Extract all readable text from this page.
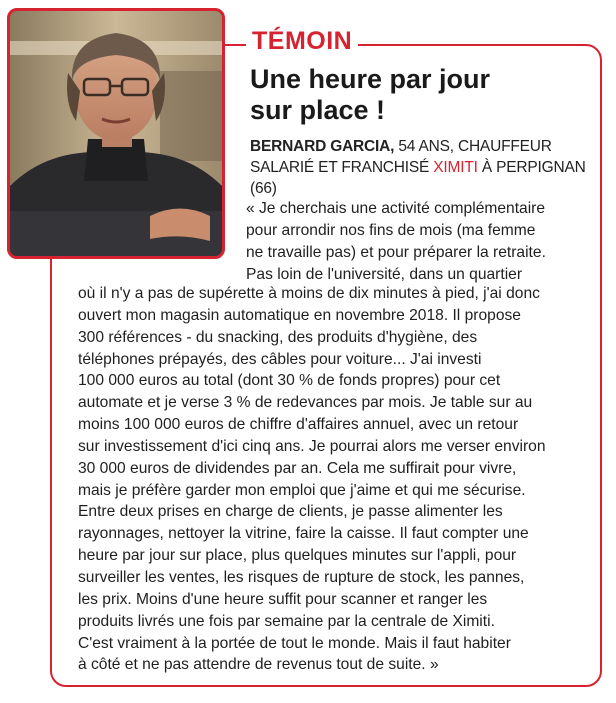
TÉMOIN
Une heure par jour
sur place !

BERNARD GARCIA, 54 ANS, CHAUFFEUR
SALARIÉ ET FRANCHISÉ XIMITI À PERPIGNAN (66)

« Je cherchais une activité complémentaire
pour arrondir nos fins de mois (ma femme
ne travaille pas) et pour préparer la retraite.
Pas loin de l'université, dans un quartier

où il n'y a pas de supérette à moins de dix minutes à pied, j'ai donc
ouvert mon magasin automatique en novembre 2018. Il propose
300 références - du snacking, des produits d'hygiène, des
téléphones prépayés, des câbles pour voiture... J'ai investi
100 000 euros au total (dont 30 % de fonds propres) pour cet
automate et je verse 3 % de redevances par mois. Je table sur au
moins 100 000 euros de chiffre d'affaires annuel, avec un retour
sur investissement d'ici cinq ans. Je pourrai alors me verser environ
30 000 euros de dividendes par an. Cela me suffirait pour vivre,
mais je préfère garder mon emploi que j'aime et qui me sécurise.
Entre deux prises en charge de clients, je passe alimenter les
rayonnages, nettoyer la vitrine, faire la caisse. Il faut compter une
heure par jour sur place, plus quelques minutes sur l'appli, pour
surveiller les ventes, les risques de rupture de stock, les pannes,
les prix. Moins d'une heure suffit pour scanner et ranger les
produits livrés une fois par semaine par la centrale de Ximiti.
C'est vraiment à la portée de tout le monde. Mais il faut habiter
à côté et ne pas attendre de revenus tout de suite. »
